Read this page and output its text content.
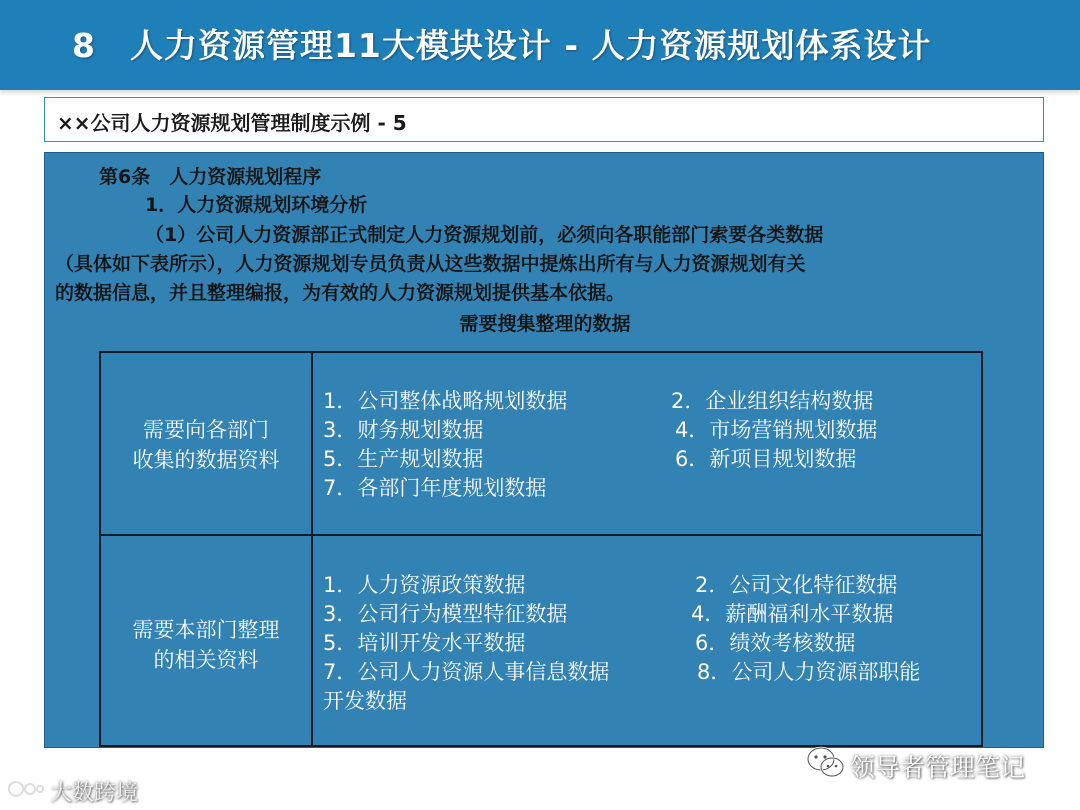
8　人力资源管理11大模块设计 - 人力资源规划体系设计
××公司人力资源规划管理制度示例 - 5
第6条　人力资源规划程序
1．人力资源规划环境分析
（1）公司人力资源部正式制定人力资源规划前，必须向各职能部门索要各类数据
（具体如下表所示），人力资源规划专员负责从这些数据中提炼出所有与人力资源规划有关
的数据信息，并且整理编报，为有效的人力资源规划提供基本依据。
需要搜集整理的数据
需要向各部门
收集的数据资料
1．公司整体战略规划数据	2．企业组织结构数据
3．财务规划数据	4．市场营销规划数据
5．生产规划数据	6．新项目规划数据
7．各部门年度规划数据
需要本部门整理
的相关资料
1．人力资源政策数据	2．公司文化特征数据
3．公司行为模型特征数据	4．薪酬福利水平数据
5．培训开发水平数据	6．绩效考核数据
7．公司人力资源人事信息数据	8．公司人力资源部职能
开发数据
领导者管理笔记
大数跨境
